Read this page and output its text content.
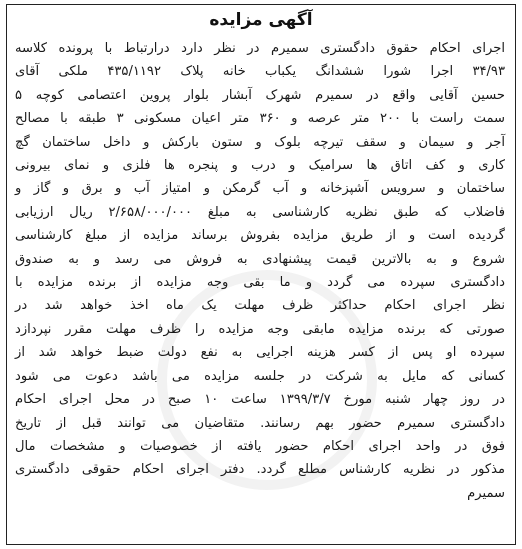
آگهی مزایده
اجرای احکام حقوق دادگستری سمیرم در نظر دارد درارتباط با پرونده کلاسه
۳۴/۹۳ اجرا شورا ششدانگ یکباب خانه پلاک ۴۳۵/۱۱۹۲ ملکی آقای
حسین آقایی واقع در سمیرم شهرک آبشار بلوار پروین اعتصامی کوچه ۵
سمت راست با ۲۰۰ متر عرصه و ۳۶۰ متر اعیان مسکونی ۳ طبقه با مصالح
آجر و سیمان و سقف تیرچه بلوک و ستون بارکش و داخل ساختمان گچ
کاری و کف اتاق ها سرامیک و درب و پنجره ها فلزی و نمای بیرونی
ساختمان و سرویس آشپزخانه و آب گرمکن و امتیاز آب و برق و گاز و
فاضلاب که طبق نظریه کارشناسی به مبلغ ۲/۶۵۸/۰۰۰/۰۰۰ ریال ارزیابی
گردیده است و از طریق مزایده بفروش برساند مزایده از مبلغ کارشناسی
شروع و به بالاترین قیمت پیشنهادی به فروش می رسد و به صندوق
دادگستری سپرده می گردد و ما بقی وجه مزایده از برنده مزایده با
نظر اجرای احکام حداکثر ظرف مهلت یک ماه اخذ خواهد شد در
صورتی که برنده مزایده مابقی وجه مزایده را ظرف مهلت مقرر نپردازد
سپرده او پس از کسر هزینه اجرایی به نفع دولت ضبط خواهد شد از
کسانی که مایل به شرکت در جلسه مزایده می باشد دعوت می شود
در روز چهار شنبه مورخ ۱۳۹۹/۳/۷ ساعت ۱۰ صبح در محل اجرای احکام
دادگستری سمیرم حضور بهم رسانند. متقاضیان می توانند قبل از تاریخ
فوق در واحد اجرای احکام حضور یافته از خصوصیات و مشخصات مال
مذکور در نظریه کارشناس مطلع گردد. دفتر اجرای احکام حقوقی دادگستری
سمیرم
